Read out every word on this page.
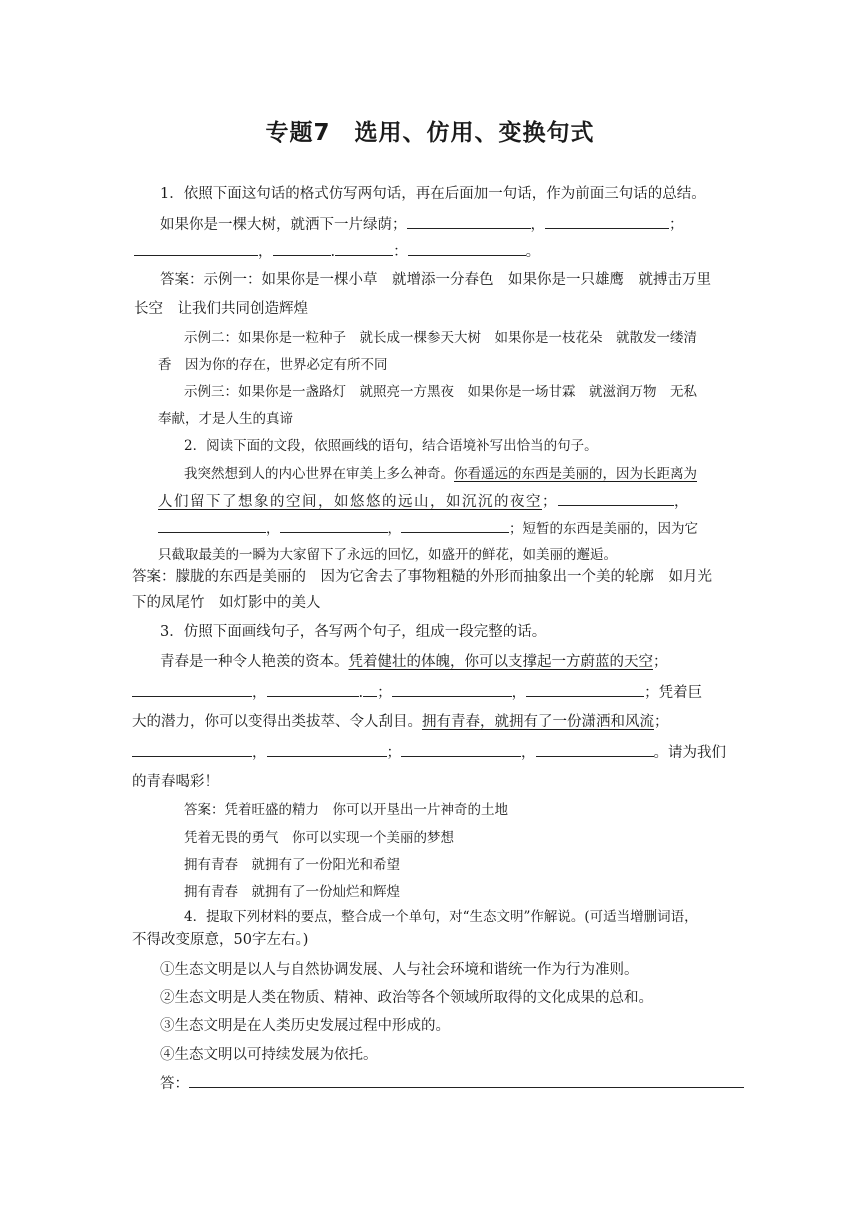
专题7　选用、仿用、变换句式
1．依照下面这句话的格式仿写两句话，再在后面加一句话，作为前面三句话的总结。
如果你是一棵大树，就洒下一片绿荫；	，	；
，	.	：	。
答案：示例一：如果你是一棵小草　就增添一分春色　如果你是一只雄鹰　就搏击万里
长空　让我们共同创造辉煌
示例二：如果你是一粒种子　就长成一棵参天大树　如果你是一枝花朵　就散发一缕清
香　因为你的存在，世界必定有所不同
示例三：如果你是一盏路灯　就照亮一方黑夜　如果你是一场甘霖　就滋润万物　无私
奉献，才是人生的真谛
2．阅读下面的文段，依照画线的语句，结合语境补写出恰当的句子。
我突然想到人的内心世界在审美上多么神奇。你看遥远的东西是美丽的，因为长距离为
人们留下了想象的空间，如悠悠的远山，如沉沉的夜空；	，
，	，	；短暂的东西是美丽的，因为它
只截取最美的一瞬为大家留下了永远的回忆，如盛开的鲜花，如美丽的邂逅。
答案：朦胧的东西是美丽的　因为它舍去了事物粗糙的外形而抽象出一个美的轮廓　如月光
下的凤尾竹　如灯影中的美人
3．仿照下面画线句子，各写两个句子，组成一段完整的话。
青春是一种令人艳羡的资本。凭着健壮的体魄，你可以支撑起一方蔚蓝的天空；
，	. ；	，	；凭着巨
大的潜力，你可以变得出类拔萃、令人刮目。拥有青春，就拥有了一份潇洒和风流；
，	；	，	。请为我们
的青春喝彩！
答案：凭着旺盛的精力　你可以开垦出一片神奇的土地
凭着无畏的勇气　你可以实现一个美丽的梦想
拥有青春　就拥有了一份阳光和希望
拥有青春　就拥有了一份灿烂和辉煌
4．提取下列材料的要点，整合成一个单句，对“生态文明”作解说。(可适当增删词语，
不得改变原意，50字左右。)
①生态文明是以人与自然协调发展、人与社会环境和谐统一作为行为准则。
②生态文明是人类在物质、精神、政治等各个领域所取得的文化成果的总和。
③生态文明是在人类历史发展过程中形成的。
④生态文明以可持续发展为依托。
答：
